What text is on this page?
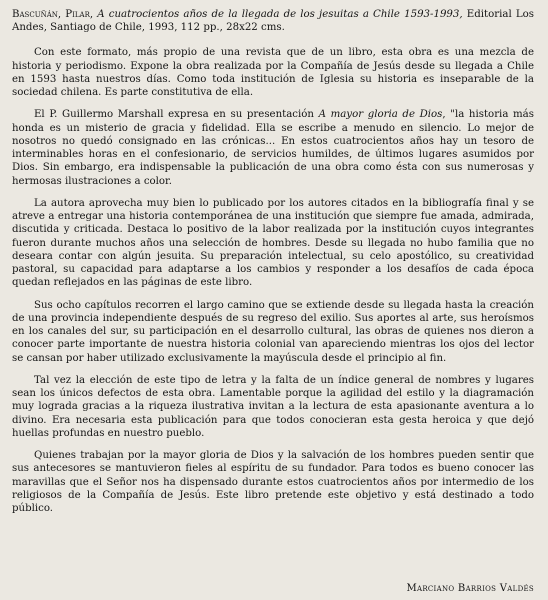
Bascuñán, Pilar, A cuatrocientos años de la llegada de los jesuitas a Chile 1593-1993, Editorial Los Andes, Santiago de Chile, 1993, 112 pp., 28x22 cms.

Con este formato, más propio de una revista que de un libro, esta obra es una mezcla de historia y periodismo. Expone la obra realizada por la Compañía de Jesús desde su llegada a Chile en 1593 hasta nuestros días. Como toda institución de Iglesia su historia es inseparable de la sociedad chilena. Es parte constitutiva de ella.

El P. Guillermo Marshall expresa en su presentación A mayor gloria de Dios, "la historia más honda es un misterio de gracia y fidelidad. Ella se escribe a menudo en silencio. Lo mejor de nosotros no quedó consignado en las crónicas... En estos cuatrocientos años hay un tesoro de interminables horas en el confesionario, de servicios humildes, de últimos lugares asumidos por Dios. Sin embargo, era indispensable la publicación de una obra como ésta con sus numerosas y hermosas ilustraciones a color.

La autora aprovecha muy bien lo publicado por los autores citados en la bibliografía final y se atreve a entregar una historia contemporánea de una institución que siempre fue amada, admirada, discutida y criticada. Destaca lo positivo de la labor realizada por la institución cuyos integrantes fueron durante muchos años una selección de hombres. Desde su llegada no hubo familia que no deseara contar con algún jesuita. Su preparación intelectual, su celo apostólico, su creatividad pastoral, su capacidad para adaptarse a los cambios y responder a los desafíos de cada época quedan reflejados en las páginas de este libro.

Sus ocho capítulos recorren el largo camino que se extiende desde su llegada hasta la creación de una provincia independiente después de su regreso del exilio. Sus aportes al arte, sus heroísmos en los canales del sur, su participación en el desarrollo cultural, las obras de quienes nos dieron a conocer parte importante de nuestra historia colonial van apareciendo mientras los ojos del lector se cansan por haber utilizado exclusivamente la mayúscula desde el principio al fin.

Tal vez la elección de este tipo de letra y la falta de un índice general de nombres y lugares sean los únicos defectos de esta obra. Lamentable porque la agilidad del estilo y la diagramación muy lograda gracias a la riqueza ilustrativa invitan a la lectura de esta apasionante aventura a lo divino. Era necesaria esta publicación para que todos conocieran esta gesta heroica y que dejó huellas profundas en nuestro pueblo.

Quienes trabajan por la mayor gloria de Dios y la salvación de los hombres pueden sentir que sus antecesores se mantuvieron fieles al espíritu de su fundador. Para todos es bueno conocer las maravillas que el Señor nos ha dispensado durante estos cuatrocientos años por intermedio de los religiosos de la Compañía de Jesús. Este libro pretende este objetivo y está destinado a todo público.

Marciano Barrios Valdés
